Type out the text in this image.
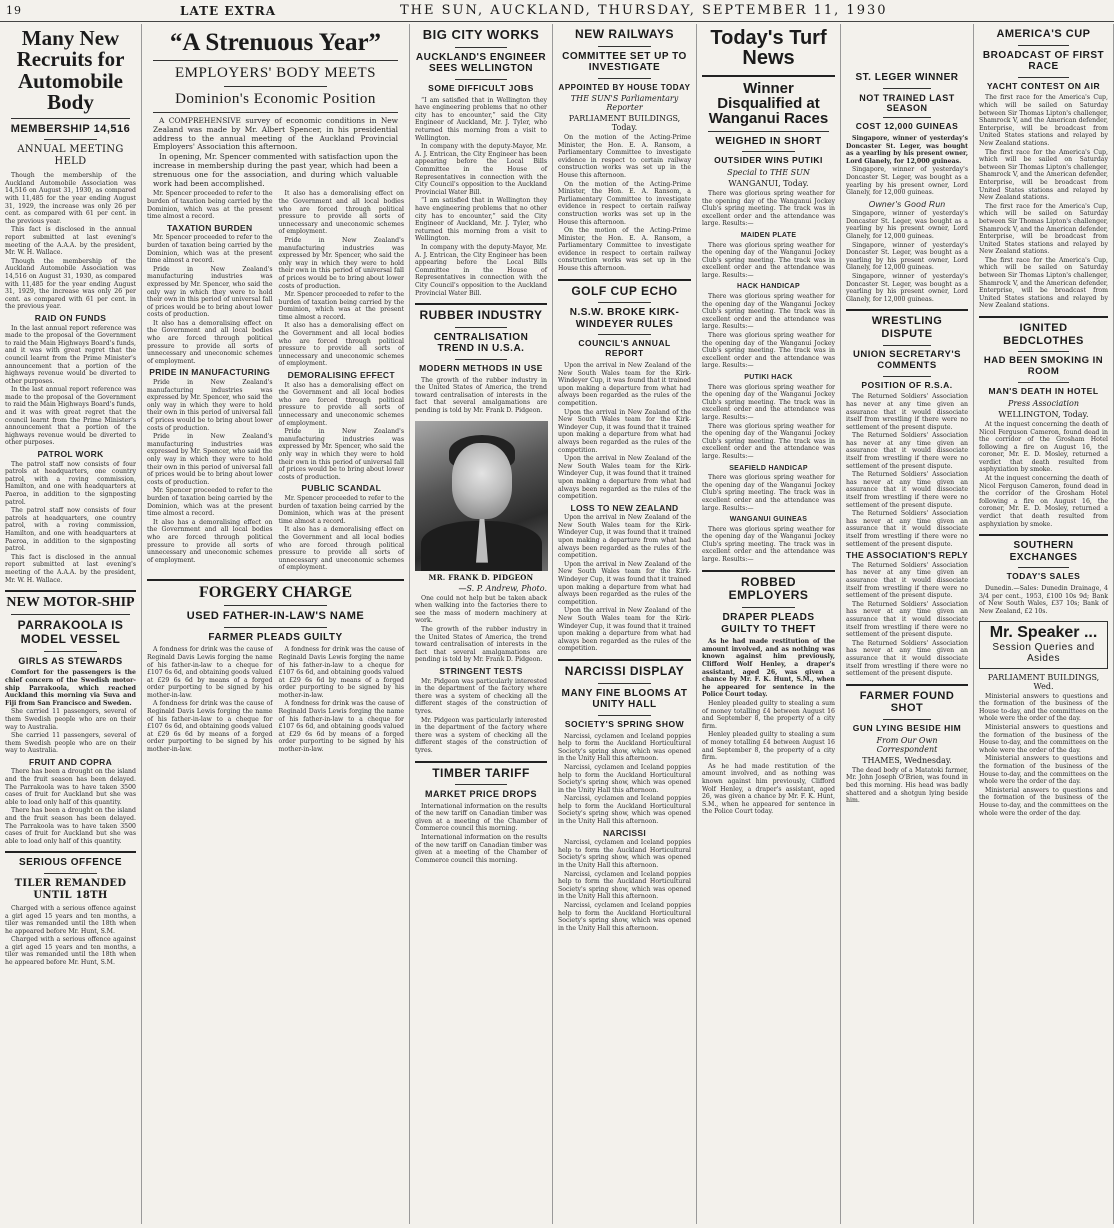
19	LATE EXTRA	THE SUN, AUCKLAND, THURSDAY, SEPTEMBER 11, 1930
Many New Recruits for Automobile Body
MEMBERSHIP 14,516
ANNUAL MEETING HELD

Though the membership of the Auckland Automobile Association was 14,516 on August 31, 1930, as compared with 11,485 for the year ending August 31, 1929, the increase was only 26 per cent. as compared with 61 per cent. in the previous year.

This fact is disclosed in the annual report submitted at last evening's meeting of the A.A.A. by the president, Mr. W. H. Wallace.

Though the membership of the Auckland Automobile Association was 14,516 on August 31, 1930, as compared with 11,485 for the year ending August 31, 1929, the increase was only 26 per cent. as compared with 61 per cent. in the previous year.

RAID ON FUNDS

In the last annual report reference was made to the proposal of the Government to raid the Main Highways Board's funds, and it was with great regret that the council learnt from the Prime Minister's announcement that a portion of the highways revenue would be diverted to other purposes.

In the last annual report reference was made to the proposal of the Government to raid the Main Highways Board's funds, and it was with great regret that the council learnt from the Prime Minister's announcement that a portion of the highways revenue would be diverted to other purposes.

PATROL WORK

The patrol staff now consists of four patrols at headquarters, one country patrol, with a roving commission, Hamilton, and one with headquarters at Paeroa, in addition to the signposting patrol.

The patrol staff now consists of four patrols at headquarters, one country patrol, with a roving commission, Hamilton, and one with headquarters at Paeroa, in addition to the signposting patrol.

This fact is disclosed in the annual report submitted at last evening's meeting of the A.A.A. by the president, Mr. W. H. Wallace.

NEW MOTOR-SHIP
PARRAKOOLA IS MODEL VESSEL
GIRLS AS STEWARDS

Comfort for the passengers is the chief concern of the Swedish motor-ship Parrakoola, which reached Auckland this morning via Suva and Fiji from San Francisco and Sweden.

She carried 11 passengers, several of them Swedish people who are on their way to Australia.

She carried 11 passengers, several of them Swedish people who are on their way to Australia.

FRUIT AND COPRA

There has been a drought on the island and the fruit season has been delayed. The Parrakoola was to have taken 3500 cases of fruit for Auckland but she was able to load only half of this quantity.

There has been a drought on the island and the fruit season has been delayed. The Parrakoola was to have taken 3500 cases of fruit for Auckland but she was able to load only half of this quantity.

SERIOUS OFFENCE
TILER REMANDED UNTIL 18TH

Charged with a serious offence against a girl aged 15 years and ten months, a tiler was remanded until the 18th when he appeared before Mr. Hunt, S.M.

Charged with a serious offence against a girl aged 15 years and ten months, a tiler was remanded until the 18th when he appeared before Mr. Hunt, S.M.

“A Strenuous Year”
EMPLOYERS' BODY MEETS
Dominion's Economic Position

A COMPREHENSIVE survey of economic conditions in New Zealand was made by Mr. Albert Spencer, in his presidential address to the annual meeting of the Auckland Provincial Employers' Association this afternoon.

In opening, Mr. Spencer commented with satisfaction upon the increase in membership during the past year, which had been a strenuous one for the association, and during which valuable work had been accomplished.

Mr. Spencer proceeded to refer to the burden of taxation being carried by the Dominion, which was at the present time almost a record.

TAXATION BURDEN

Mr. Spencer proceeded to refer to the burden of taxation being carried by the Dominion, which was at the present time almost a record.

Pride in New Zealand's manufacturing industries was expressed by Mr. Spencer, who said the only way in which they were to hold their own in this period of universal fall of prices would be to bring about lower costs of production.

It also has a demoralising effect on the Government and all local bodies who are forced through political pressure to provide all sorts of unnecessary and uneconomic schemes of employment.

PRIDE IN MANUFACTURING

Pride in New Zealand's manufacturing industries was expressed by Mr. Spencer, who said the only way in which they were to hold their own in this period of universal fall of prices would be to bring about lower costs of production.

Pride in New Zealand's manufacturing industries was expressed by Mr. Spencer, who said the only way in which they were to hold their own in this period of universal fall of prices would be to bring about lower costs of production.

Mr. Spencer proceeded to refer to the burden of taxation being carried by the Dominion, which was at the present time almost a record.

It also has a demoralising effect on the Government and all local bodies who are forced through political pressure to provide all sorts of unnecessary and uneconomic schemes of employment.

It also has a demoralising effect on the Government and all local bodies who are forced through political pressure to provide all sorts of unnecessary and uneconomic schemes of employment.

Pride in New Zealand's manufacturing industries was expressed by Mr. Spencer, who said the only way in which they were to hold their own in this period of universal fall of prices would be to bring about lower costs of production.

Mr. Spencer proceeded to refer to the burden of taxation being carried by the Dominion, which was at the present time almost a record.

It also has a demoralising effect on the Government and all local bodies who are forced through political pressure to provide all sorts of unnecessary and uneconomic schemes of employment.

DEMORALISING EFFECT

It also has a demoralising effect on the Government and all local bodies who are forced through political pressure to provide all sorts of unnecessary and uneconomic schemes of employment.

Pride in New Zealand's manufacturing industries was expressed by Mr. Spencer, who said the only way in which they were to hold their own in this period of universal fall of prices would be to bring about lower costs of production.

PUBLIC SCANDAL

Mr. Spencer proceeded to refer to the burden of taxation being carried by the Dominion, which was at the present time almost a record.

It also has a demoralising effect on the Government and all local bodies who are forced through political pressure to provide all sorts of unnecessary and uneconomic schemes of employment.

FORGERY CHARGE
USED FATHER-IN-LAW'S NAME
FARMER PLEADS GUILTY

A fondness for drink was the cause of Reginald Davis Lewis forging the name of his father-in-law to a cheque for £107 6s 6d, and obtaining goods valued at £29 6s 6d by means of a forged order purporting to be signed by his mother-in-law.

A fondness for drink was the cause of Reginald Davis Lewis forging the name of his father-in-law to a cheque for £107 6s 6d, and obtaining goods valued at £29 6s 6d by means of a forged order purporting to be signed by his mother-in-law.

A fondness for drink was the cause of Reginald Davis Lewis forging the name of his father-in-law to a cheque for £107 6s 6d, and obtaining goods valued at £29 6s 6d by means of a forged order purporting to be signed by his mother-in-law.

A fondness for drink was the cause of Reginald Davis Lewis forging the name of his father-in-law to a cheque for £107 6s 6d, and obtaining goods valued at £29 6s 6d by means of a forged order purporting to be signed by his mother-in-law.

BIG CITY WORKS
AUCKLAND'S ENGINEER SEES WELLINGTON
SOME DIFFICULT JOBS

“I am satisfied that in Wellington they have engineering problems that no other city has to encounter,” said the City Engineer of Auckland, Mr. J. Tyler, who returned this morning from a visit to Wellington.

In company with the deputy-Mayor, Mr. A. J. Entrican, the City Engineer has been appearing before the Local Bills Committee in the House of Representatives in connection with the City Council's opposition to the Auckland Provincial Water Bill.

“I am satisfied that in Wellington they have engineering problems that no other city has to encounter,” said the City Engineer of Auckland, Mr. J. Tyler, who returned this morning from a visit to Wellington.

In company with the deputy-Mayor, Mr. A. J. Entrican, the City Engineer has been appearing before the Local Bills Committee in the House of Representatives in connection with the City Council's opposition to the Auckland Provincial Water Bill.

RUBBER INDUSTRY
CENTRALISATION TREND IN U.S.A.
MODERN METHODS IN USE

The growth of the rubber industry in the United States of America, the trend toward centralisation of interests in the fact that several amalgamations are pending is told by Mr. Frank D. Pidgeon.

MR. FRANK D. PIDGEON
—S. P. Andrew, Photo.

One could not help but be taken aback when walking into the factories there to see the mass of modern machinery at work.

The growth of the rubber industry in the United States of America, the trend toward centralisation of interests in the fact that several amalgamations are pending is told by Mr. Frank D. Pidgeon.

STRINGENT TESTS

Mr. Pidgeon was particularly interested in the department of the factory where there was a system of checking all the different stages of the construction of tyres.

Mr. Pidgeon was particularly interested in the department of the factory where there was a system of checking all the different stages of the construction of tyres.

TIMBER TARIFF
MARKET PRICE DROPS

International information on the results of the new tariff on Canadian timber was given at a meeting of the Chamber of Commerce council this morning.

International information on the results of the new tariff on Canadian timber was given at a meeting of the Chamber of Commerce council this morning.

NEW RAILWAYS
COMMITTEE SET UP TO INVESTIGATE
APPOINTED BY HOUSE TODAY
THE SUN'S Parliamentary Reporter
PARLIAMENT BUILDINGS, Today.

On the motion of the Acting-Prime Minister, the Hon. E. A. Ransom, a Parliamentary Committee to investigate evidence in respect to certain railway construction works was set up in the House this afternoon.

On the motion of the Acting-Prime Minister, the Hon. E. A. Ransom, a Parliamentary Committee to investigate evidence in respect to certain railway construction works was set up in the House this afternoon.

On the motion of the Acting-Prime Minister, the Hon. E. A. Ransom, a Parliamentary Committee to investigate evidence in respect to certain railway construction works was set up in the House this afternoon.

GOLF CUP ECHO
N.S.W. BROKE KIRK-WINDEYER RULES
COUNCIL'S ANNUAL REPORT

Upon the arrival in New Zealand of the New South Wales team for the Kirk-Windeyer Cup, it was found that it trained upon making a departure from what had always been regarded as the rules of the competition.

Upon the arrival in New Zealand of the New South Wales team for the Kirk-Windeyer Cup, it was found that it trained upon making a departure from what had always been regarded as the rules of the competition.

Upon the arrival in New Zealand of the New South Wales team for the Kirk-Windeyer Cup, it was found that it trained upon making a departure from what had always been regarded as the rules of the competition.

LOSS TO NEW ZEALAND

Upon the arrival in New Zealand of the New South Wales team for the Kirk-Windeyer Cup, it was found that it trained upon making a departure from what had always been regarded as the rules of the competition.

Upon the arrival in New Zealand of the New South Wales team for the Kirk-Windeyer Cup, it was found that it trained upon making a departure from what had always been regarded as the rules of the competition.

Upon the arrival in New Zealand of the New South Wales team for the Kirk-Windeyer Cup, it was found that it trained upon making a departure from what had always been regarded as the rules of the competition.

NARCISSI DISPLAY
MANY FINE BLOOMS AT UNITY HALL
SOCIETY'S SPRING SHOW

Narcissi, cyclamen and Iceland poppies help to form the Auckland Horticultural Society's spring show, which was opened in the Unity Hall this afternoon.

Narcissi, cyclamen and Iceland poppies help to form the Auckland Horticultural Society's spring show, which was opened in the Unity Hall this afternoon.

Narcissi, cyclamen and Iceland poppies help to form the Auckland Horticultural Society's spring show, which was opened in the Unity Hall this afternoon.

NARCISSI

Narcissi, cyclamen and Iceland poppies help to form the Auckland Horticultural Society's spring show, which was opened in the Unity Hall this afternoon.

Narcissi, cyclamen and Iceland poppies help to form the Auckland Horticultural Society's spring show, which was opened in the Unity Hall this afternoon.

Narcissi, cyclamen and Iceland poppies help to form the Auckland Horticultural Society's spring show, which was opened in the Unity Hall this afternoon.

Today's Turf News
Winner Disqualified at Wanganui Races
WEIGHED IN SHORT
OUTSIDER WINS PUTIKI
Special to THE SUN
WANGANUI, Today.

There was glorious spring weather for the opening day of the Wanganui Jockey Club's spring meeting. The track was in excellent order and the attendance was large. Results:—

MAIDEN PLATE

There was glorious spring weather for the opening day of the Wanganui Jockey Club's spring meeting. The track was in excellent order and the attendance was large. Results:—

HACK HANDICAP

There was glorious spring weather for the opening day of the Wanganui Jockey Club's spring meeting. The track was in excellent order and the attendance was large. Results:—

There was glorious spring weather for the opening day of the Wanganui Jockey Club's spring meeting. The track was in excellent order and the attendance was large. Results:—

PUTIKI HACK

There was glorious spring weather for the opening day of the Wanganui Jockey Club's spring meeting. The track was in excellent order and the attendance was large. Results:—

There was glorious spring weather for the opening day of the Wanganui Jockey Club's spring meeting. The track was in excellent order and the attendance was large. Results:—

SEAFIELD HANDICAP

There was glorious spring weather for the opening day of the Wanganui Jockey Club's spring meeting. The track was in excellent order and the attendance was large. Results:—

WANGANUI GUINEAS

There was glorious spring weather for the opening day of the Wanganui Jockey Club's spring meeting. The track was in excellent order and the attendance was large. Results:—

ROBBED EMPLOYERS
DRAPER PLEADS GUILTY TO THEFT

As he had made restitution of the amount involved, and as nothing was known against him previously, Clifford Wolf Henley, a draper's assistant, aged 26, was given a chance by Mr. F. K. Hunt, S.M., when he appeared for sentence in the Police Court today.

Henley pleaded guilty to stealing a sum of money totalling £4 between August 16 and September 8, the property of a city firm.

Henley pleaded guilty to stealing a sum of money totalling £4 between August 16 and September 8, the property of a city firm.

As he had made restitution of the amount involved, and as nothing was known against him previously, Clifford Wolf Henley, a draper's assistant, aged 26, was given a chance by Mr. F. K. Hunt, S.M., when he appeared for sentence in the Police Court today.

ST. LEGER WINNER
NOT TRAINED LAST SEASON
COST 12,000 GUINEAS

Singapore, winner of yesterday's Doncaster St. Leger, was bought as a yearling by his present owner, Lord Glanely, for 12,000 guineas.

Singapore, winner of yesterday's Doncaster St. Leger, was bought as a yearling by his present owner, Lord Glanely, for 12,000 guineas.

Owner's Good Run

Singapore, winner of yesterday's Doncaster St. Leger, was bought as a yearling by his present owner, Lord Glanely, for 12,000 guineas.

Singapore, winner of yesterday's Doncaster St. Leger, was bought as a yearling by his present owner, Lord Glanely, for 12,000 guineas.

Singapore, winner of yesterday's Doncaster St. Leger, was bought as a yearling by his present owner, Lord Glanely, for 12,000 guineas.

WRESTLING DISPUTE
UNION SECRETARY'S COMMENTS
POSITION OF R.S.A.

The Returned Soldiers' Association has never at any time given an assurance that it would dissociate itself from wrestling if there were no settlement of the present dispute.

The Returned Soldiers' Association has never at any time given an assurance that it would dissociate itself from wrestling if there were no settlement of the present dispute.

The Returned Soldiers' Association has never at any time given an assurance that it would dissociate itself from wrestling if there were no settlement of the present dispute.

The Returned Soldiers' Association has never at any time given an assurance that it would dissociate itself from wrestling if there were no settlement of the present dispute.

THE ASSOCIATION'S REPLY

The Returned Soldiers' Association has never at any time given an assurance that it would dissociate itself from wrestling if there were no settlement of the present dispute.

The Returned Soldiers' Association has never at any time given an assurance that it would dissociate itself from wrestling if there were no settlement of the present dispute.

The Returned Soldiers' Association has never at any time given an assurance that it would dissociate itself from wrestling if there were no settlement of the present dispute.

FARMER FOUND SHOT
GUN LYING BESIDE HIM
From Our Own Correspondent
THAMES, Wednesday.

The dead body of a Matatoki farmer, Mr. John Joseph O'Brien, was found in bed this morning. His head was badly shattered and a shotgun lying beside him.

AMERICA'S CUP
BROADCAST OF FIRST RACE
YACHT CONTEST ON AIR

The first race for the America's Cup, which will be sailed on Saturday between Sir Thomas Lipton's challenger, Shamrock V, and the American defender, Enterprise, will be broadcast from United States stations and relayed by New Zealand stations.

The first race for the America's Cup, which will be sailed on Saturday between Sir Thomas Lipton's challenger, Shamrock V, and the American defender, Enterprise, will be broadcast from United States stations and relayed by New Zealand stations.

The first race for the America's Cup, which will be sailed on Saturday between Sir Thomas Lipton's challenger, Shamrock V, and the American defender, Enterprise, will be broadcast from United States stations and relayed by New Zealand stations.

The first race for the America's Cup, which will be sailed on Saturday between Sir Thomas Lipton's challenger, Shamrock V, and the American defender, Enterprise, will be broadcast from United States stations and relayed by New Zealand stations.

IGNITED BEDCLOTHES
HAD BEEN SMOKING IN ROOM
MAN'S DEATH IN HOTEL
Press Association
WELLINGTON, Today.

At the inquest concerning the death of Nicol Ferguson Cameron, found dead in the corridor of the Grosham Hotel following a fire on August 16, the coroner, Mr. E. D. Mosley, returned a verdict that death resulted from asphyxiation by smoke.

At the inquest concerning the death of Nicol Ferguson Cameron, found dead in the corridor of the Grosham Hotel following a fire on August 16, the coroner, Mr. E. D. Mosley, returned a verdict that death resulted from asphyxiation by smoke.

SOUTHERN EXCHANGES
TODAY'S SALES

Dunedin.—Sales: Dunedin Drainage, 4 3/4 per cent., 1953, £100 10s 9d; Bank of New South Wales, £37 10s; Bank of New Zealand, £2 10s.

Mr. Speaker ...
Session Queries and Asides
PARLIAMENT BUILDINGS, Wed.

Ministerial answers to questions and the formation of the business of the House to-day, and the committees on the whole were the order of the day.

Ministerial answers to questions and the formation of the business of the House to-day, and the committees on the whole were the order of the day.

Ministerial answers to questions and the formation of the business of the House to-day, and the committees on the whole were the order of the day.

Ministerial answers to questions and the formation of the business of the House to-day, and the committees on the whole were the order of the day.
